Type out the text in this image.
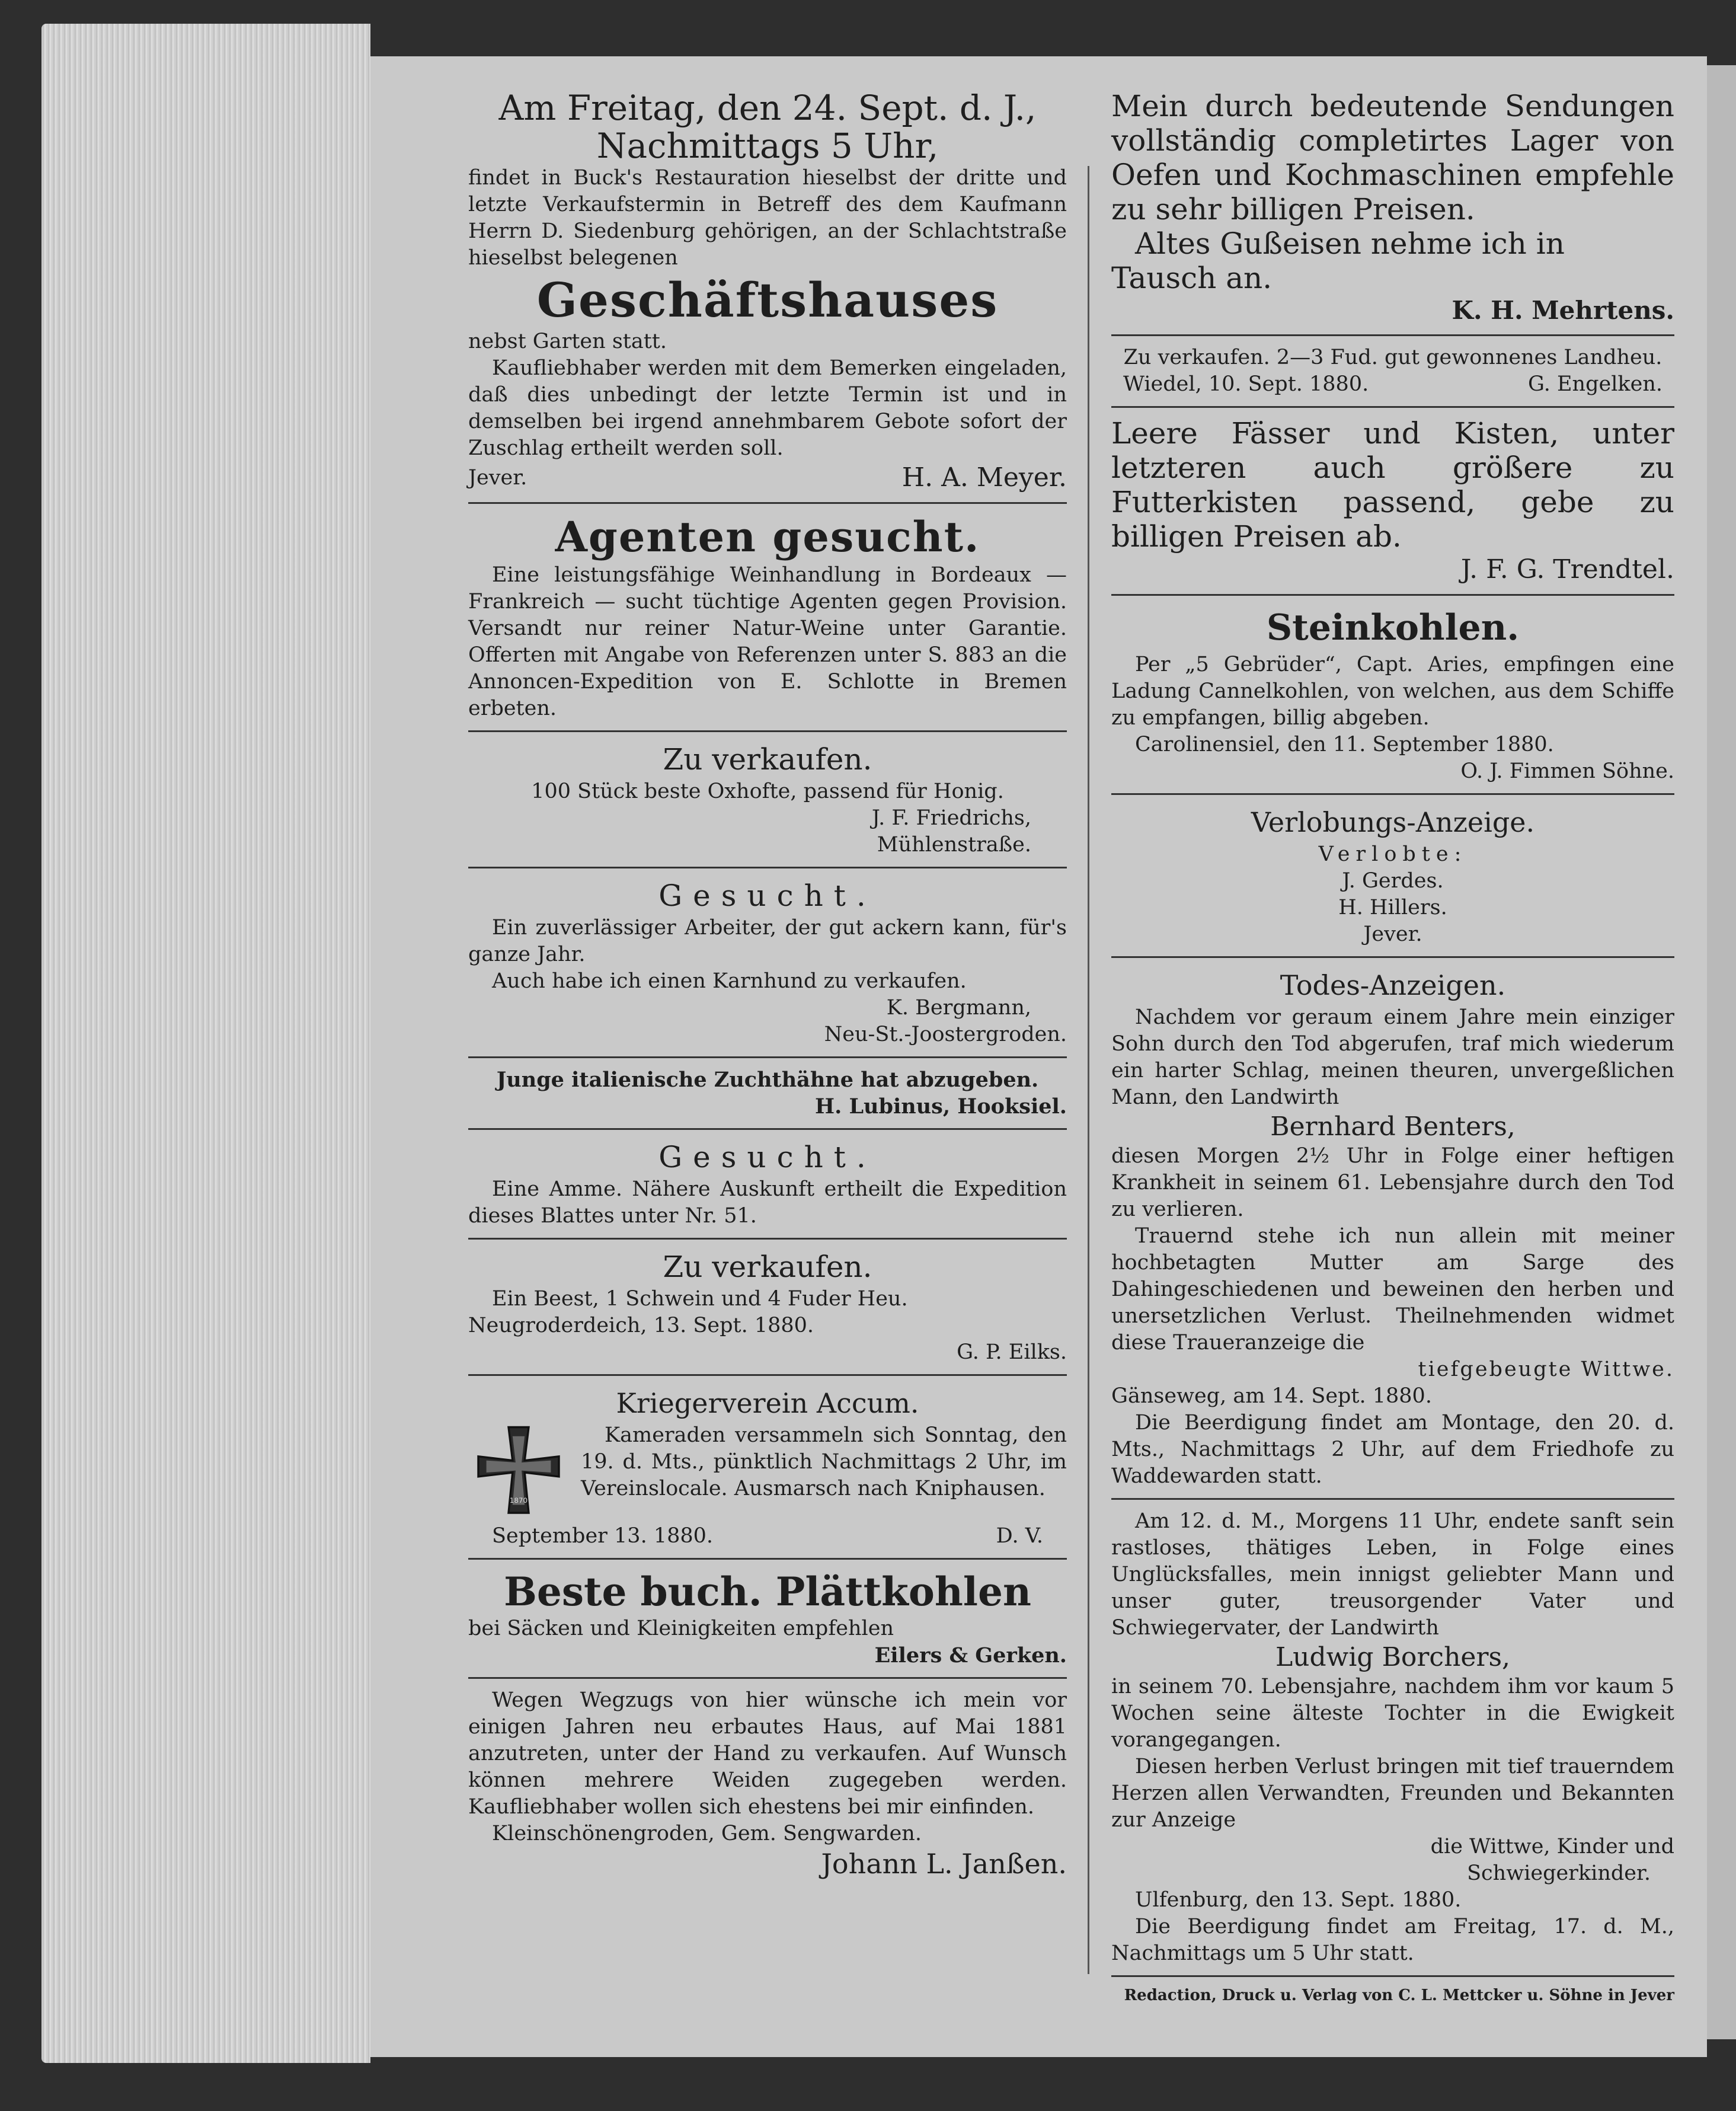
Am Freitag, den 24. Sept. d. J.,
Nachmittags 5 Uhr,
findet in Buck's Restauration hieselbst der dritte und letzte Verkaufstermin in Betreff des dem Kaufmann Herrn D. Siedenburg gehörigen, an der Schlachtstraße hieselbst belegenen
Geschäftshauses
nebst Garten statt.
Kaufliebhaber werden mit dem Bemerken eingeladen, daß dies unbedingt der letzte Termin ist und in demselben bei irgend annehmbarem Gebote sofort der Zuschlag ertheilt werden soll.
Jever.	H. A. Meyer.
Agenten gesucht.
Eine leistungsfähige Weinhandlung in Bordeaux — Frankreich — sucht tüchtige Agenten gegen Provision. Versandt nur reiner Natur-Weine unter Garantie. Offerten mit Angabe von Referenzen unter S. 883 an die Annoncen-Expedition von E. Schlotte in Bremen erbeten.
Zu verkaufen.
100 Stück beste Oxhofte, passend für Honig.
J. F. Friedrichs,
Mühlenstraße.
Gesucht.
Ein zuverlässiger Arbeiter, der gut ackern kann, für's ganze Jahr.
Auch habe ich einen Karnhund zu verkaufen.
K. Bergmann,
Neu-St.-Joostergroden.
Junge italienische Zuchthähne hat abzugeben.
H. Lubinus, Hooksiel.
Gesucht.
Eine Amme. Nähere Auskunft ertheilt die Expedition dieses Blattes unter Nr. 51.
Zu verkaufen.
Ein Beest, 1 Schwein und 4 Fuder Heu.
Neugroderdeich, 13. Sept. 1880.
G. P. Eilks.
Kriegerverein Accum.
1870
Kameraden versammeln sich Sonntag, den 19. d. Mts., pünktlich Nachmittags 2 Uhr, im Vereinslocale. Ausmarsch nach Kniphausen.
September 13. 1880.	D. V.
Beste buch. Plättkohlen
bei Säcken und Kleinigkeiten empfehlen
Eilers & Gerken.
Wegen Wegzugs von hier wünsche ich mein vor einigen Jahren neu erbautes Haus, auf Mai 1881 anzutreten, unter der Hand zu verkaufen. Auf Wunsch können mehrere Weiden zugegeben werden. Kaufliebhaber wollen sich ehestens bei mir einfinden.
Kleinschönengroden, Gem. Sengwarden.
Johann L. Janßen.
Mein durch bedeutende Sendungen vollständig completirtes Lager von Oefen und Kochmaschinen empfehle zu sehr billigen Preisen.
Altes Gußeisen nehme ich in Tausch an.
K. H. Mehrtens.
Zu verkaufen. 2—3 Fud. gut gewonnenes Landheu.
Wiedel, 10. Sept. 1880.	G. Engelken.
Leere Fässer und Kisten, unter letzteren auch größere zu Futterkisten passend, gebe zu billigen Preisen ab.
J. F. G. Trendtel.
Steinkohlen.
Per „5 Gebrüder“, Capt. Aries, empfingen eine Ladung Cannelkohlen, von welchen, aus dem Schiffe zu empfangen, billig abgeben.
Carolinensiel, den 11. September 1880.
O. J. Fimmen Söhne.
Verlobungs-Anzeige.
Verlobte:
J. Gerdes.
H. Hillers.
Jever.
Todes-Anzeigen.
Nachdem vor geraum einem Jahre mein einziger Sohn durch den Tod abgerufen, traf mich wiederum ein harter Schlag, meinen theuren, unvergeßlichen Mann, den Landwirth
Bernhard Benters,
diesen Morgen 2½ Uhr in Folge einer heftigen Krankheit in seinem 61. Lebensjahre durch den Tod zu verlieren.
Trauernd stehe ich nun allein mit meiner hochbetagten Mutter am Sarge des Dahingeschiedenen und beweinen den herben und unersetzlichen Verlust. Theilnehmenden widmet diese Traueranzeige die
tiefgebeugte Wittwe.
Gänseweg, am 14. Sept. 1880.
Die Beerdigung findet am Montage, den 20. d. Mts., Nachmittags 2 Uhr, auf dem Friedhofe zu Waddewarden statt.
Am 12. d. M., Morgens 11 Uhr, endete sanft sein rastloses, thätiges Leben, in Folge eines Unglücksfalles, mein innigst geliebter Mann und unser guter, treusorgender Vater und Schwiegervater, der Landwirth
Ludwig Borchers,
in seinem 70. Lebensjahre, nachdem ihm vor kaum 5 Wochen seine älteste Tochter in die Ewigkeit vorangegangen.
Diesen herben Verlust bringen mit tief trauerndem Herzen allen Verwandten, Freunden und Bekannten zur Anzeige
die Wittwe, Kinder und
Schwiegerkinder.
Ulfenburg, den 13. Sept. 1880.
Die Beerdigung findet am Freitag, 17. d. M., Nachmittags um 5 Uhr statt.
Redaction, Druck u. Verlag von C. L. Mettcker u. Söhne in Jever
